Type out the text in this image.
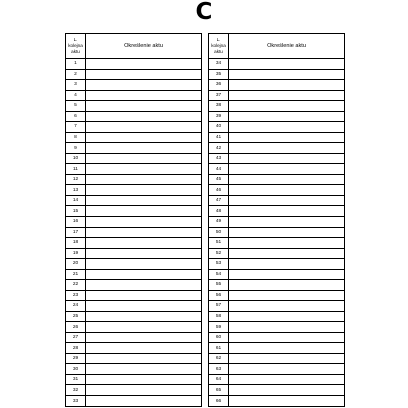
C
L.
kolejna
aktu	Określenie aktu
1	
2	
3	
4	
5	
6	
7	
8	
9	
10	
11	
12	
13	
14	
15	
16	
17	
18	
19	
20	
21	
22	
23	
24	
25	
26	
27	
28	
29	
30	
31	
32	
33	
L.
kolejna
aktu	Określenie aktu
34	
35	
36	
37	
38	
39	
40	
41	
42	
43	
44	
45	
46	
47	
48	
49	
50	
51	
52	
53	
54	
55	
56	
57	
58	
59	
60	
61	
62	
63	
64	
65	
66	
